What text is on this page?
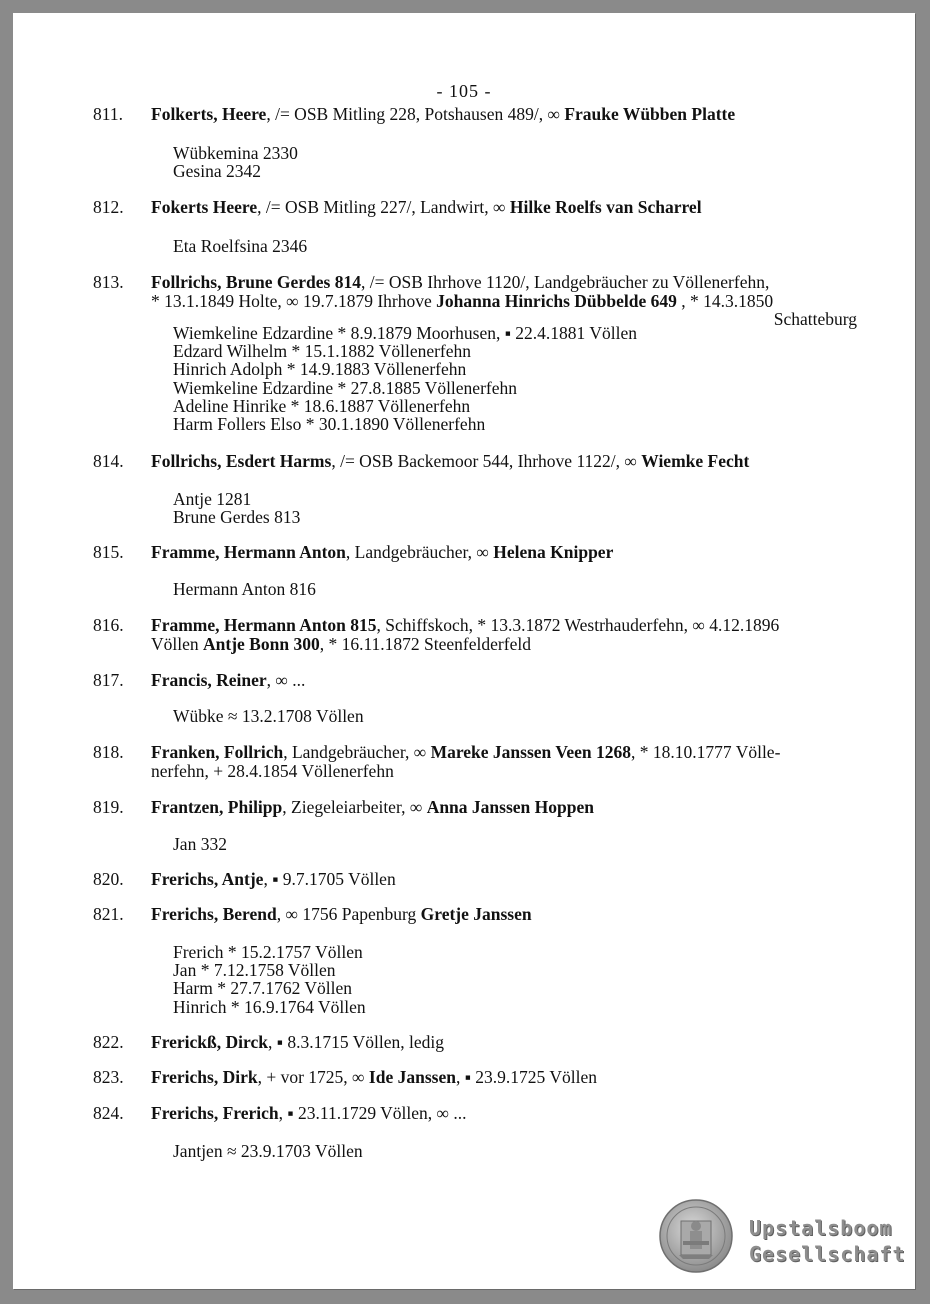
- 105 -
811. Folkerts, Heere, /= OSB Mitling 228, Potshausen 489/, ∞ Frauke Wübben Platte
Wübkemina 2330
Gesina 2342
812. Fokerts Heere, /= OSB Mitling 227/, Landwirt, ∞ Hilke Roelfs van Scharrel
Eta Roelfsina 2346
813. Follrichs, Brune Gerdes 814, /= OSB Ihrhove 1120/, Landgebräucher zu Völlenerfehn,
* 13.1.1849 Holte, ∞ 19.7.1879 Ihrhove Johanna Hinrichs Dübbelde 649 , * 14.3.1850
Schatteburg
Wiemkeline Edzardine * 8.9.1879 Moorhusen, ▪ 22.4.1881 Völlen
Edzard Wilhelm * 15.1.1882 Völlenerfehn
Hinrich Adolph * 14.9.1883 Völlenerfehn
Wiemkeline Edzardine * 27.8.1885 Völlenerfehn
Adeline Hinrike * 18.6.1887 Völlenerfehn
Harm Follers Elso * 30.1.1890 Völlenerfehn
814. Follrichs, Esdert Harms, /= OSB Backemoor 544, Ihrhove 1122/, ∞ Wiemke Fecht
Antje 1281
Brune Gerdes 813
815. Framme, Hermann Anton, Landgebräucher, ∞ Helena Knipper
Hermann Anton 816
816. Framme, Hermann Anton 815, Schiffskoch, * 13.3.1872 Westrhauderfehn, ∞ 4.12.1896
Völlen Antje Bonn 300, * 16.11.1872 Steenfelderfeld
817. Francis, Reiner, ∞ ...
Wübke ≈ 13.2.1708 Völlen
818. Franken, Follrich, Landgebräucher, ∞ Mareke Janssen Veen 1268, * 18.10.1777 Völle-
nerfehn, + 28.4.1854 Völlenerfehn
819. Frantzen, Philipp, Ziegeleiarbeiter, ∞ Anna Janssen Hoppen
Jan 332
820. Frerichs, Antje, ▪ 9.7.1705 Völlen
821. Frerichs, Berend, ∞ 1756 Papenburg Gretje Janssen
Frerich * 15.2.1757 Völlen
Jan * 7.12.1758 Völlen
Harm * 27.7.1762 Völlen
Hinrich * 16.9.1764 Völlen
822. Frerickß, Dirck, ▪ 8.3.1715 Völlen, ledig
823. Frerichs, Dirk, + vor 1725, ∞ Ide Janssen, ▪ 23.9.1725 Völlen
824. Frerichs, Frerich, ▪ 23.11.1729 Völlen, ∞ ...
Jantjen ≈ 23.9.1703 Völlen
Upstalsboom
Gesellschaft
